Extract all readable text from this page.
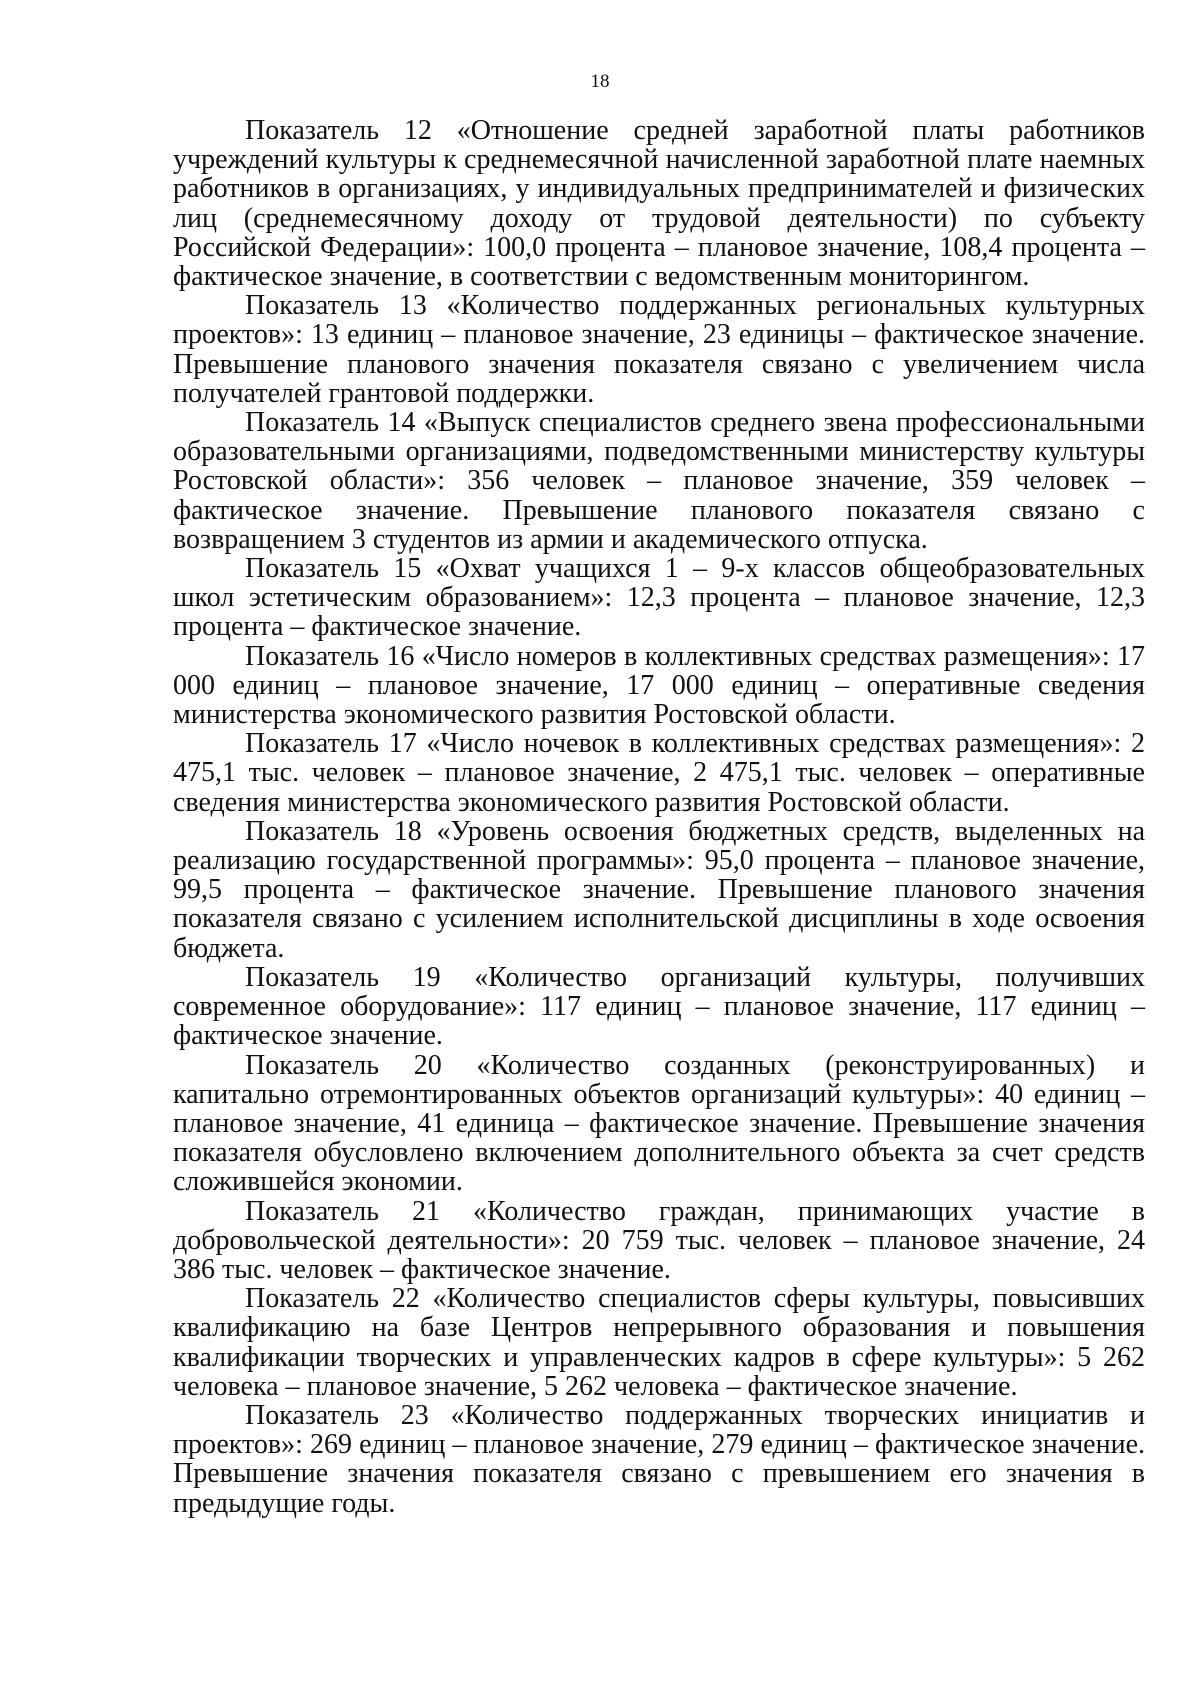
18

Показатель 12 «Отношение средней заработной платы работников учреждений культуры к среднемесячной начисленной заработной плате наемных работников в организациях, у индивидуальных предпринимателей и физических лиц (среднемесячному доходу от трудовой деятельности) по субъекту Российской Федерации»: 100,0 процента – плановое значение, 108,4 процента – фактическое значение, в соответствии с ведомственным мониторингом.

Показатель 13 «Количество поддержанных региональных культурных проектов»: 13 единиц – плановое значение, 23 единицы – фактическое значение. Превышение планового значения показателя связано с увеличением числа получателей грантовой поддержки.

Показатель 14 «Выпуск специалистов среднего звена профессиональными образовательными организациями, подведомственными министерству культуры Ростовской области»: 356 человек – плановое значение, 359 человек – фактическое значение. Превышение планового показателя связано с возвращением 3 студентов из армии и академического отпуска.

Показатель 15 «Охват учащихся 1 – 9-х классов общеобразовательных школ эстетическим образованием»: 12,3 процента – плановое значение, 12,3 процента – фактическое значение.

Показатель 16 «Число номеров в коллективных средствах размещения»: 17 000 единиц – плановое значение, 17 000 единиц – оперативные сведения министерства экономического развития Ростовской области.

Показатель 17 «Число ночевок в коллективных средствах размещения»: 2 475,1 тыс. человек – плановое значение, 2 475,1 тыс. человек – оперативные сведения министерства экономического развития Ростовской области.

Показатель 18 «Уровень освоения бюджетных средств, выделенных на реализацию государственной программы»: 95,0 процента – плановое значение, 99,5 процента – фактическое значение. Превышение планового значения показателя связано с усилением исполнительской дисциплины в ходе освоения бюджета.

Показатель 19 «Количество организаций культуры, получивших современное оборудование»: 117 единиц – плановое значение, 117 единиц – фактическое значение.

Показатель 20 «Количество созданных (реконструированных) и капитально отремонтированных объектов организаций культуры»: 40 единиц – плановое значение, 41 единица – фактическое значение. Превышение значения показателя обусловлено включением дополнительного объекта за счет средств сложившейся экономии.

Показатель 21 «Количество граждан, принимающих участие в добровольческой деятельности»: 20 759 тыс. человек – плановое значение, 24 386 тыс. человек – фактическое значение.

Показатель 22 «Количество специалистов сферы культуры, повысивших квалификацию на базе Центров непрерывного образования и повышения квалификации творческих и управленческих кадров в сфере культуры»: 5 262 человека – плановое значение, 5 262 человека – фактическое значение.

Показатель 23 «Количество поддержанных творческих инициатив и проектов»: 269 единиц – плановое значение, 279 единиц – фактическое значение. Превышение значения показателя связано с превышением его значения в предыдущие годы.
